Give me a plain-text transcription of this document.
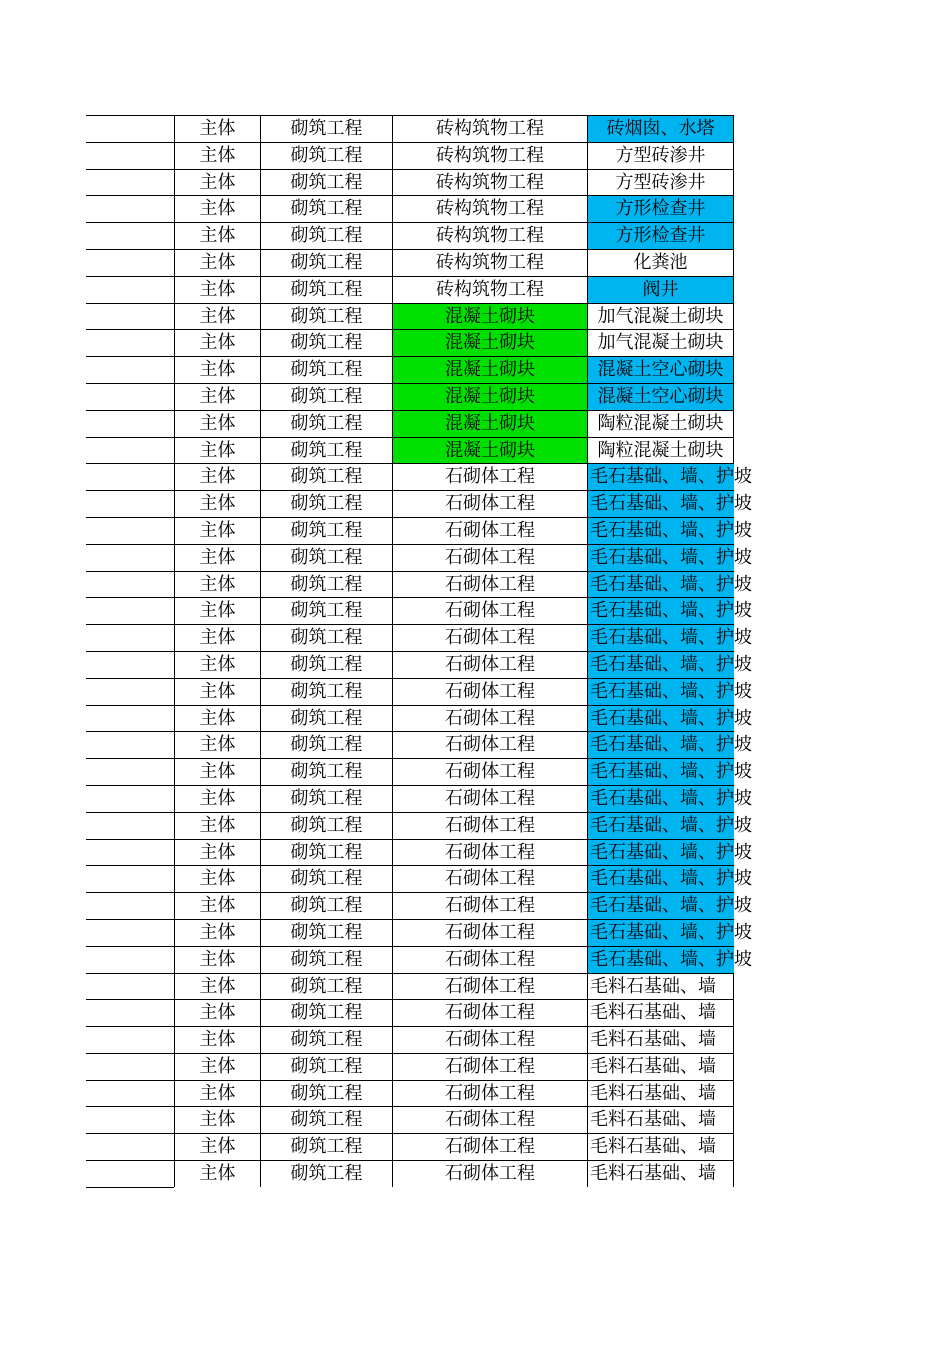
主体	砌筑工程	砖构筑物工程	砖烟囱、水塔
主体	砌筑工程	砖构筑物工程	方型砖渗井
主体	砌筑工程	砖构筑物工程	方型砖渗井
主体	砌筑工程	砖构筑物工程	方形检查井
主体	砌筑工程	砖构筑物工程	方形检查井
主体	砌筑工程	砖构筑物工程	化粪池
主体	砌筑工程	砖构筑物工程	阀井
主体	砌筑工程	混凝土砌块	加气混凝土砌块
主体	砌筑工程	混凝土砌块	加气混凝土砌块
主体	砌筑工程	混凝土砌块	混凝土空心砌块
主体	砌筑工程	混凝土砌块	混凝土空心砌块
主体	砌筑工程	混凝土砌块	陶粒混凝土砌块
主体	砌筑工程	混凝土砌块	陶粒混凝土砌块
主体	砌筑工程	石砌体工程	毛石基础、墙、护坡
主体	砌筑工程	石砌体工程	毛石基础、墙、护坡
主体	砌筑工程	石砌体工程	毛石基础、墙、护坡
主体	砌筑工程	石砌体工程	毛石基础、墙、护坡
主体	砌筑工程	石砌体工程	毛石基础、墙、护坡
主体	砌筑工程	石砌体工程	毛石基础、墙、护坡
主体	砌筑工程	石砌体工程	毛石基础、墙、护坡
主体	砌筑工程	石砌体工程	毛石基础、墙、护坡
主体	砌筑工程	石砌体工程	毛石基础、墙、护坡
主体	砌筑工程	石砌体工程	毛石基础、墙、护坡
主体	砌筑工程	石砌体工程	毛石基础、墙、护坡
主体	砌筑工程	石砌体工程	毛石基础、墙、护坡
主体	砌筑工程	石砌体工程	毛石基础、墙、护坡
主体	砌筑工程	石砌体工程	毛石基础、墙、护坡
主体	砌筑工程	石砌体工程	毛石基础、墙、护坡
主体	砌筑工程	石砌体工程	毛石基础、墙、护坡
主体	砌筑工程	石砌体工程	毛石基础、墙、护坡
主体	砌筑工程	石砌体工程	毛石基础、墙、护坡
主体	砌筑工程	石砌体工程	毛石基础、墙、护坡
主体	砌筑工程	石砌体工程	毛料石基础、墙
主体	砌筑工程	石砌体工程	毛料石基础、墙
主体	砌筑工程	石砌体工程	毛料石基础、墙
主体	砌筑工程	石砌体工程	毛料石基础、墙
主体	砌筑工程	石砌体工程	毛料石基础、墙
主体	砌筑工程	石砌体工程	毛料石基础、墙
主体	砌筑工程	石砌体工程	毛料石基础、墙
主体	砌筑工程	石砌体工程	毛料石基础、墙
